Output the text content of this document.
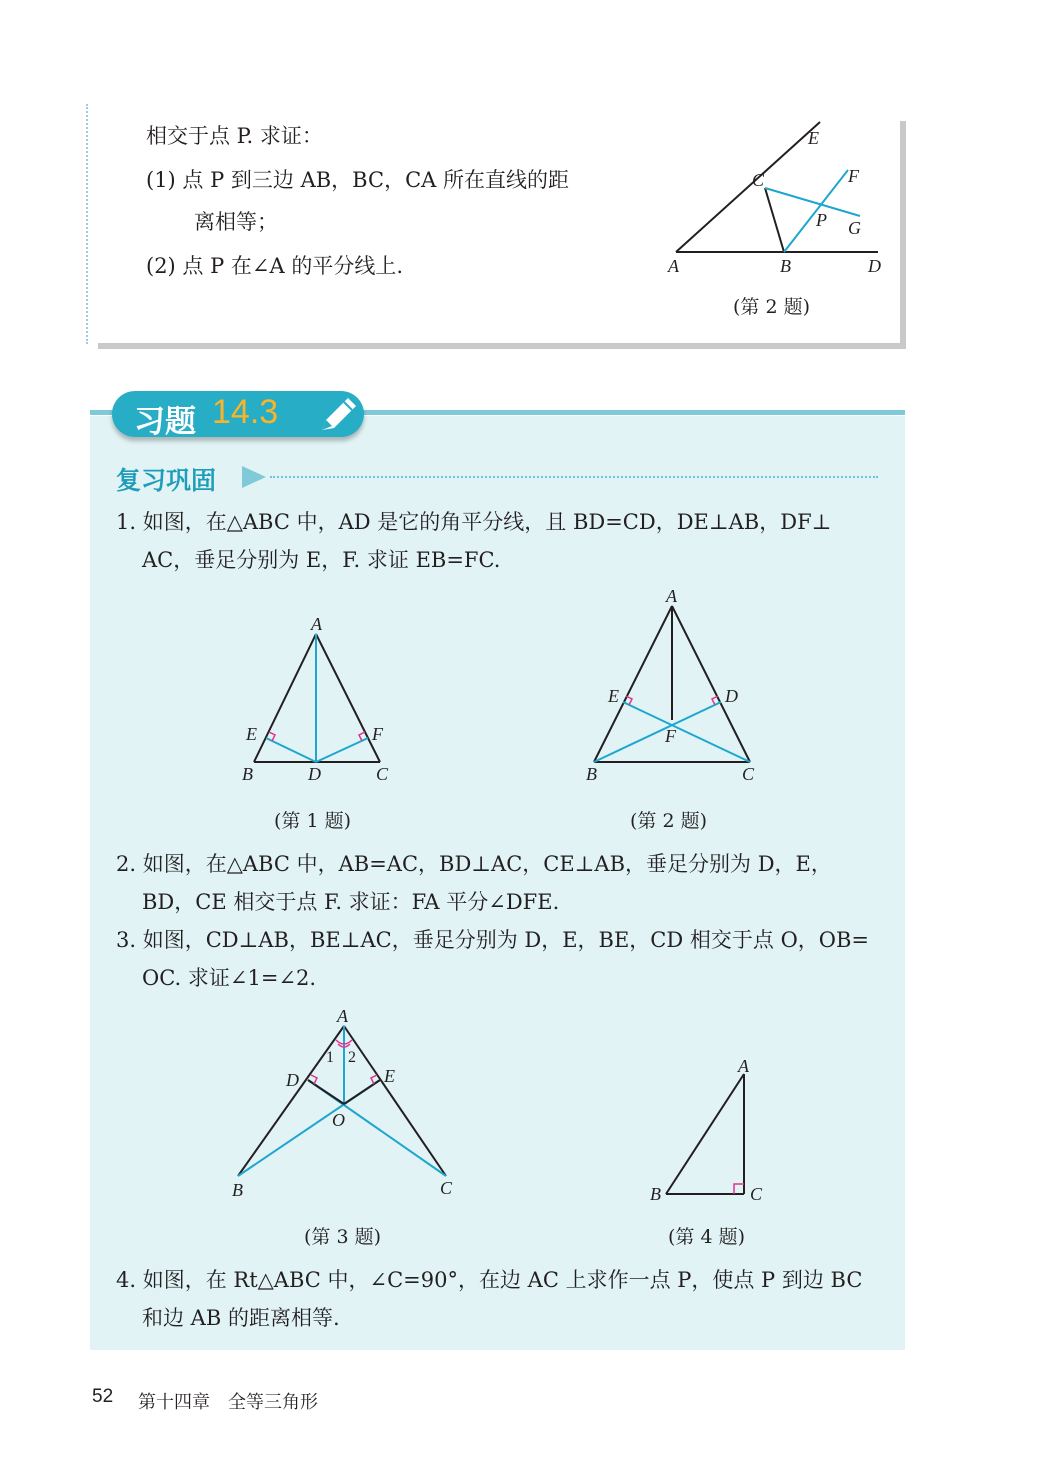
相交于点 P. 求证：
(1) 点 P 到三边 AB，BC，CA 所在直线的距
离相等；
(2) 点 P 在∠A 的平分线上.
E
C	F
P G
A	B	D
(第 2 题)
习题 14.3
复习巩固
1. 如图，在△ABC 中，AD 是它的角平分线，且 BD=CD，DE⊥AB，DF⊥
AC，垂足分别为 E，F. 求证 EB=FC.
A
E	F
B	D	C
(第 1 题)
A
E	D
F
B	C
(第 2 题)
2. 如图，在△ABC 中，AB=AC，BD⊥AC，CE⊥AB，垂足分别为 D，E，
BD，CE 相交于点 F. 求证：FA 平分∠DFE.
3. 如图，CD⊥AB，BE⊥AC，垂足分别为 D，E，BE，CD 相交于点 O，OB=
OC. 求证∠1=∠2.
A
1 2
D	E
O
B	C
(第 3 题)
A
B	C
(第 4 题)
4. 如图，在 Rt△ABC 中，∠C=90°，在边 AC 上求作一点 P，使点 P 到边 BC
和边 AB 的距离相等.
52 第十四章　全等三角形
